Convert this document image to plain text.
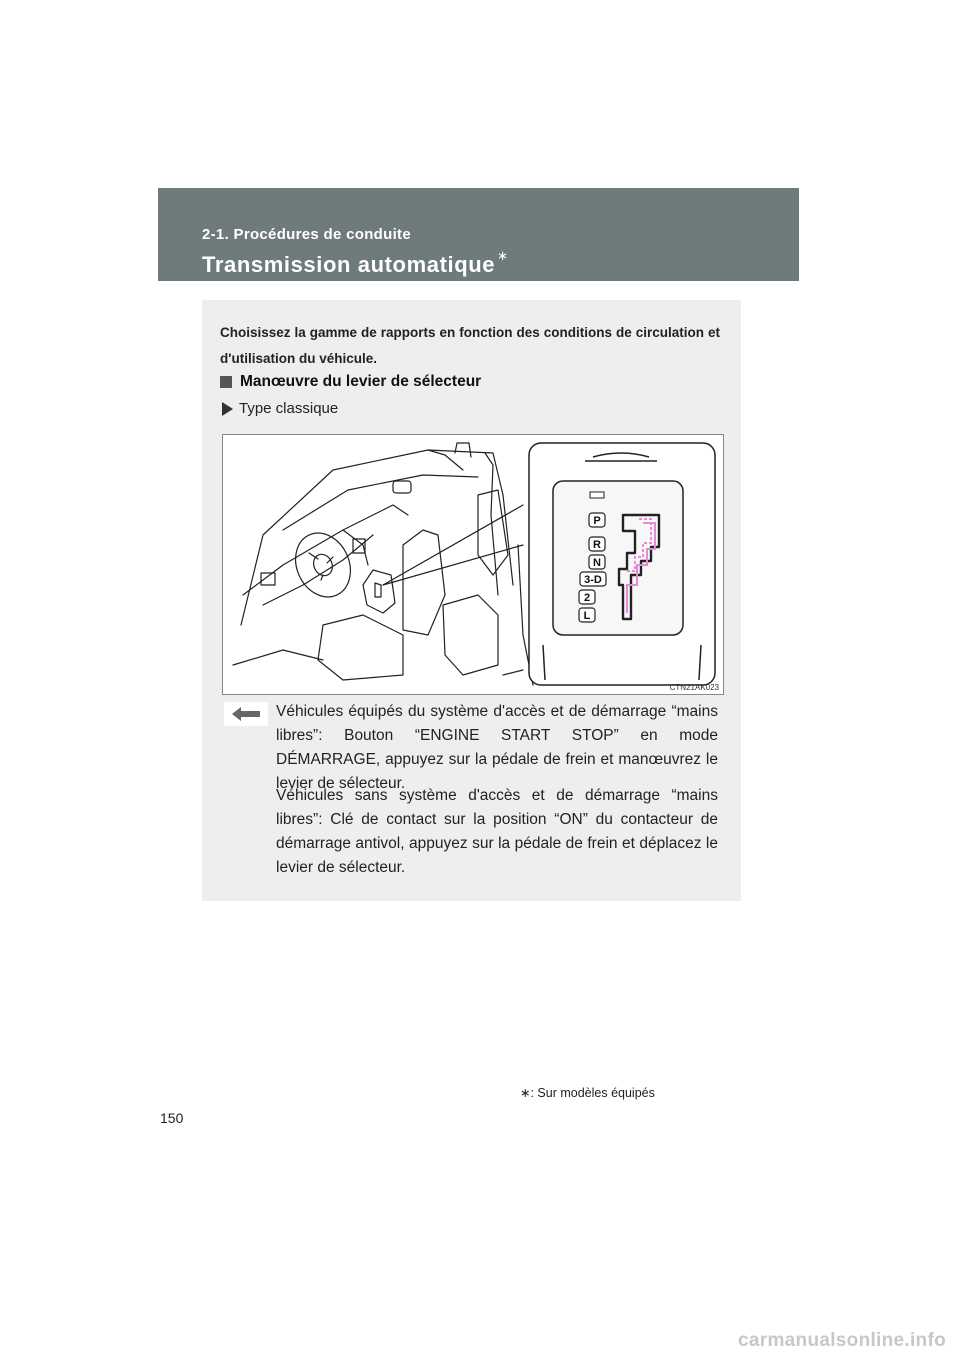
2-1. Procédures de conduite
Transmission automatique ∗
Choisissez la gamme de rapports en fonction des conditions de circulation et d'utilisation du véhicule.
Manœuvre du levier de sélecteur
Type classique
P
R
N
3-D
2
L
CTN21AK023
Véhicules équipés du système d'accès et de démarrage “mains libres”: Bouton “ENGINE START STOP” en mode DÉMARRAGE, appuyez sur la pédale de frein et manœuvrez le levier de sélecteur.
Véhicules sans système d'accès et de démarrage “mains libres”: Clé de contact sur la position “ON” du contacteur de démarrage antivol, appuyez sur la pédale de frein et déplacez le levier de sélecteur.
∗: Sur modèles équipés
150
carmanualsonline.info
